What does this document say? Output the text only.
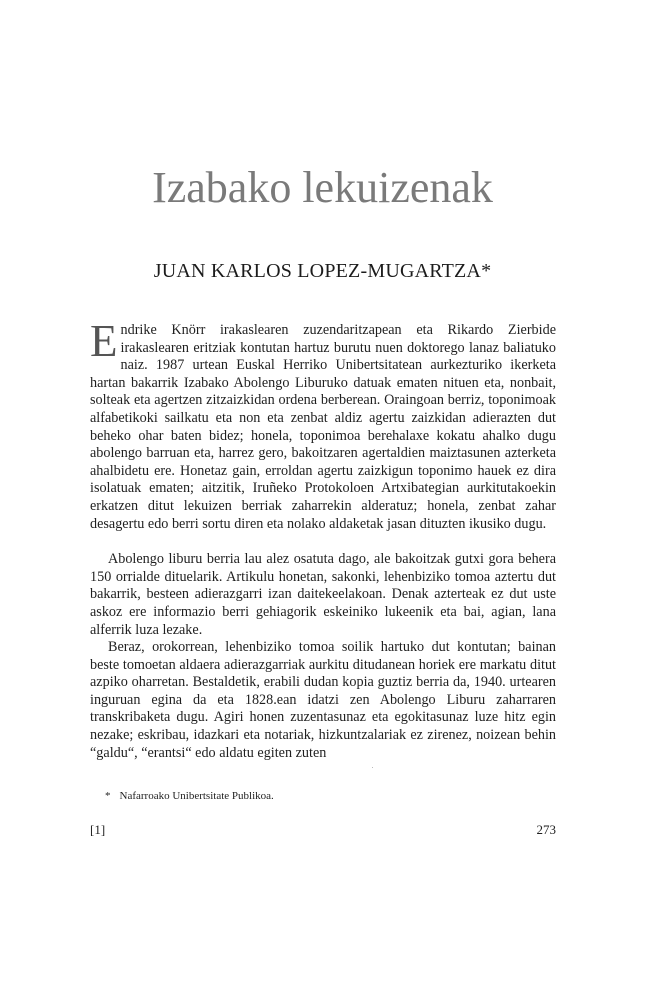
Izabako lekuizenak
JUAN KARLOS LOPEZ-MUGARTZA*

Endrike Knörr irakaslearen zuzendaritzapean eta Rikardo Zierbide irakaslearen eritziak kontutan hartuz burutu nuen doktorego lanaz baliatuko naiz. 1987 urtean Euskal Herriko Unibertsitatean aurkezturiko ikerketa hartan bakarrik Izabako Abolengo Liburuko datuak ematen nituen eta, nonbait, solteak eta agertzen zitzaizkidan ordena berberean. Oraingoan berriz, toponimoak alfabetikoki sailkatu eta non eta zenbat aldiz agertu zaizkidan adierazten dut beheko ohar baten bidez; honela, toponimoa berehalaxe kokatu ahalko dugu abolengo barruan eta, harrez gero, bakoitzaren agertaldien maiztasunen azterketa ahalbidetu ere. Honetaz gain, erroldan agertu zaizkigun toponimo hauek ez dira isolatuak ematen; aitzitik, Iruñeko Protokoloen Artxibategian aurkitutakoekin erkatzen ditut lekuizen berriak zaharrekin alderatuz; honela, zenbat zahar desagertu edo berri sortu diren eta nolako aldaketak jasan dituzten ikusiko dugu.

Abolengo liburu berria lau alez osatuta dago, ale bakoitzak gutxi gora behera 150 orrialde dituelarik. Artikulu honetan, sakonki, lehenbiziko tomoa aztertu dut bakarrik, besteen adierazgarri izan daitekeelakoan. Denak azterteak ez dut uste askoz ere informazio berri gehiagorik eskeiniko lukeenik eta bai, agian, lana alferrik luza lezake.

Beraz, orokorrean, lehenbiziko tomoa soilik hartuko dut kontutan; bainan beste tomoetan aldaera adierazgarriak aurkitu ditudanean horiek ere markatu ditut azpiko oharretan. Bestaldetik, erabili dudan kopia guztiz berria da, 1940. urtearen inguruan egina da eta 1828.ean idatzi zen Abolengo Liburu zaharraren transkribaketa dugu. Agiri honen zuzentasunaz eta egokitasunaz luze hitz egin nezake; eskribau, idazkari eta notariak, hizkuntzalariak ez zirenez, noizean behin “galdu“, “erantsi“ edo aldatu egiten zuten

* Nafarroako Unibertsitate Publikoa.
[1]	273
